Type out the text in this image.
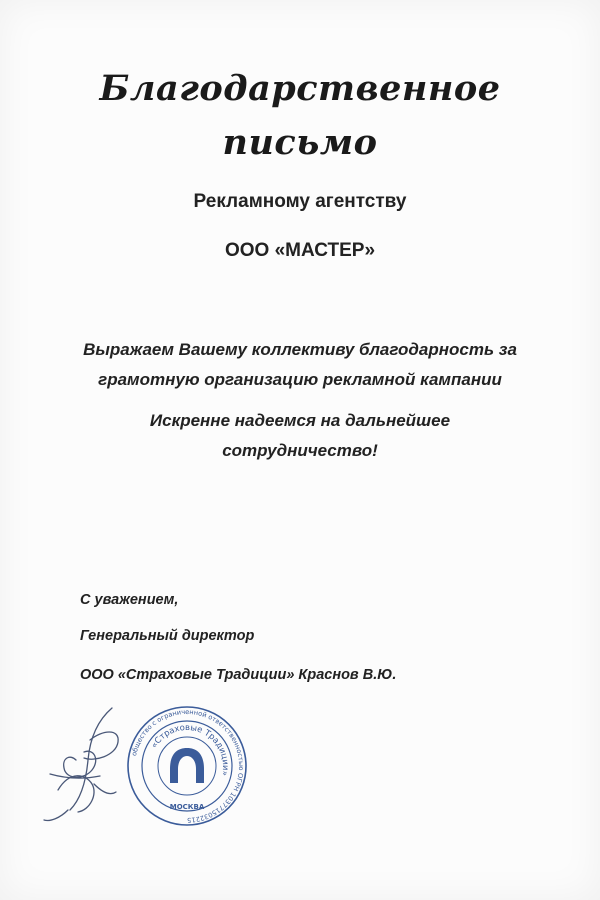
Благодарственное
письмо
Рекламному агентству
ООО «МАСТЕР»
Выражаем Вашему коллективу благодарность за
грамотную организацию рекламной кампании
Искренне надеемся на дальнейшее
сотрудничество!
С уважением,
Генеральный директор
ООО «Страховые Традиции» Краснов В.Ю.
общество с ограниченной ответственностью ОГРН 1037715032215
«Страховые Традиции»
МОСКВА
